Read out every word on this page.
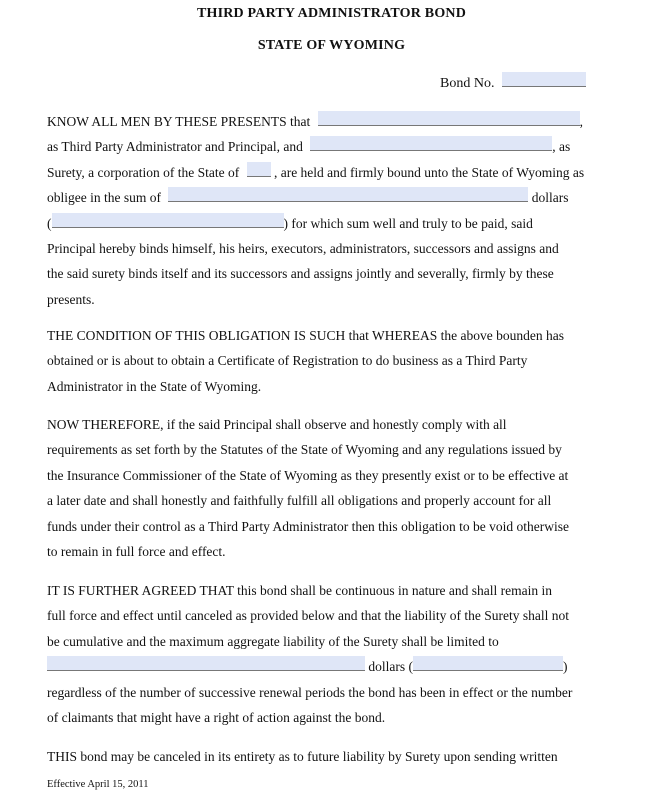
THIRD PARTY ADMINISTRATOR BOND
STATE OF WYOMING
Bond No.
KNOW ALL MEN BY THESE PRESENTS that	,
as Third Party Administrator and Principal, and	, as
Surety, a corporation of the State of	, are held and firmly bound unto the State of Wyoming as
obligee in the sum of	dollars
(	) for which sum well and truly to be paid, said
Principal hereby binds himself, his heirs, executors, administrators, successors and assigns and
the said surety binds itself and its successors and assigns jointly and severally, firmly by these
presents.
THE CONDITION OF THIS OBLIGATION IS SUCH that WHEREAS the above bounden has
obtained or is about to obtain a Certificate of Registration to do business as a Third Party
Administrator in the State of Wyoming.
NOW THEREFORE, if the said Principal shall observe and honestly comply with all
requirements as set forth by the Statutes of the State of Wyoming and any regulations issued by
the Insurance Commissioner of the State of Wyoming as they presently exist or to be effective at
a later date and shall honestly and faithfully fulfill all obligations and properly account for all
funds under their control as a Third Party Administrator then this obligation to be void otherwise
to remain in full force and effect.
IT IS FURTHER AGREED THAT this bond shall be continuous in nature and shall remain in
full force and effect until canceled as provided below and that the liability of the Surety shall not
be cumulative and the maximum aggregate liability of the Surety shall be limited to
dollars (	)
regardless of the number of successive renewal periods the bond has been in effect or the number
of claimants that might have a right of action against the bond.
THIS bond may be canceled in its entirety as to future liability by Surety upon sending written
Effective April 15, 2011
